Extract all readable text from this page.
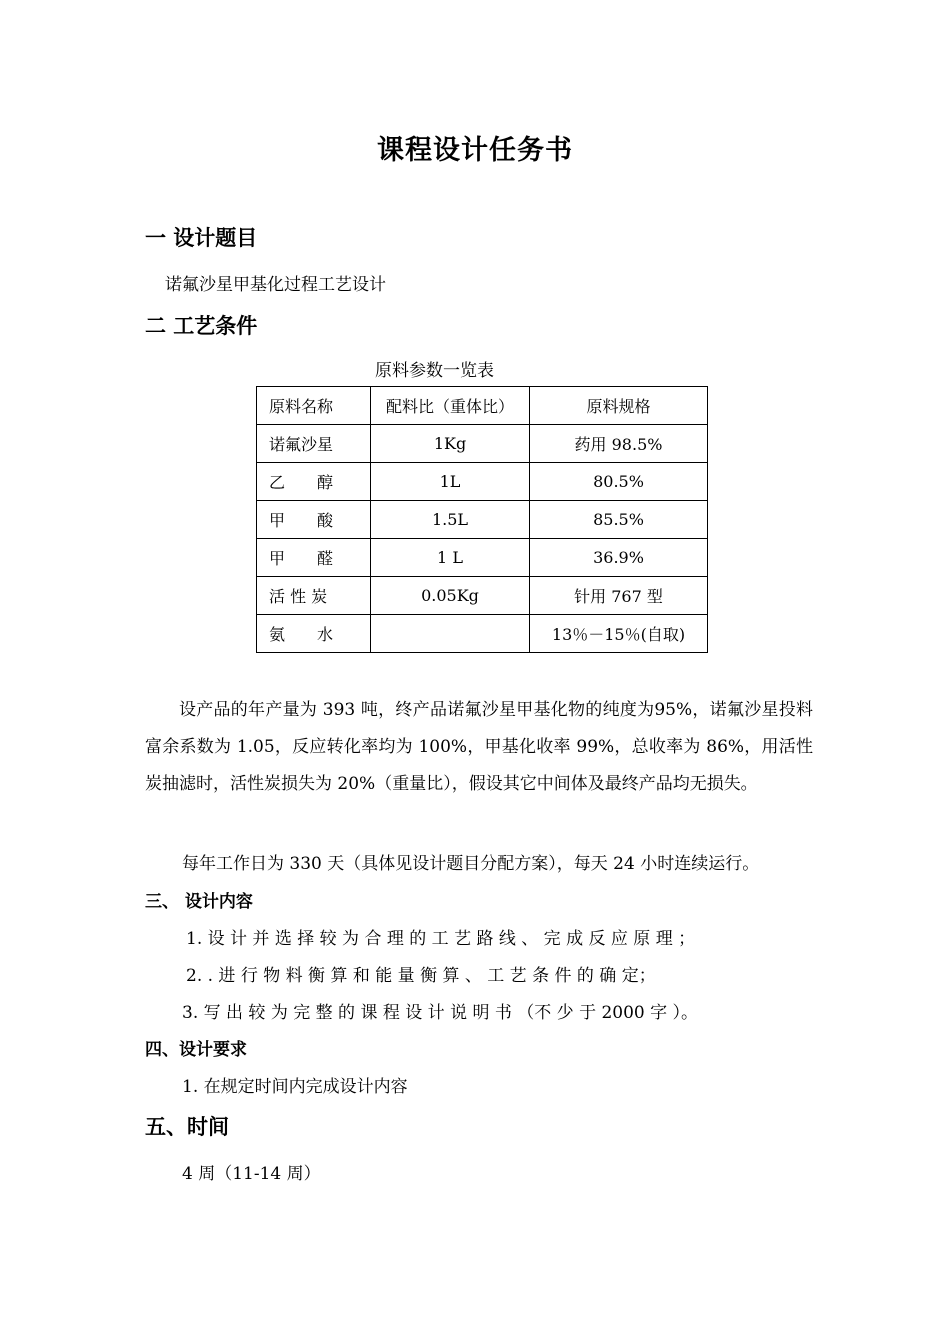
课程设计任务书
一 设计题目
诺氟沙星甲基化过程工艺设计
二 工艺条件
原料参数一览表
原料名称	配料比（重体比）	原料规格
诺氟沙星	1Kg	药用 98.5%
乙　　醇	1L	80.5%
甲　　酸	1.5L	85.5%
甲　　醛	1 L	36.9%
活 性 炭	0.05Kg	针用 767 型
氨　　水		13％－15％(自取)
设产品的年产量为 393 吨，终产品诺氟沙星甲基化物的纯度为95%，诺氟沙星投料富余系数为 1.05，反应转化率均为 100%，甲基化收率 99%，总收率为 86%，用活性炭抽滤时，活性炭损失为 20%（重量比），假设其它中间体及最终产品均无损失。
每年工作日为 330 天（具体见设计题目分配方案），每天 24 小时连续运行。
三、 设计内容
1. 设 计 并 选 择 较 为 合 理 的 工 艺 路 线 、 完 成 反 应 原 理 ；
2. . 进 行 物 料 衡 算 和 能 量 衡 算 、 工 艺 条 件 的 确 定；
3. 写 出 较 为 完 整 的 课 程 设 计 说 明 书 （不 少 于 2000 字 ）。
四、设计要求
1. 在规定时间内完成设计内容
五、时间
4 周（11-14 周）
